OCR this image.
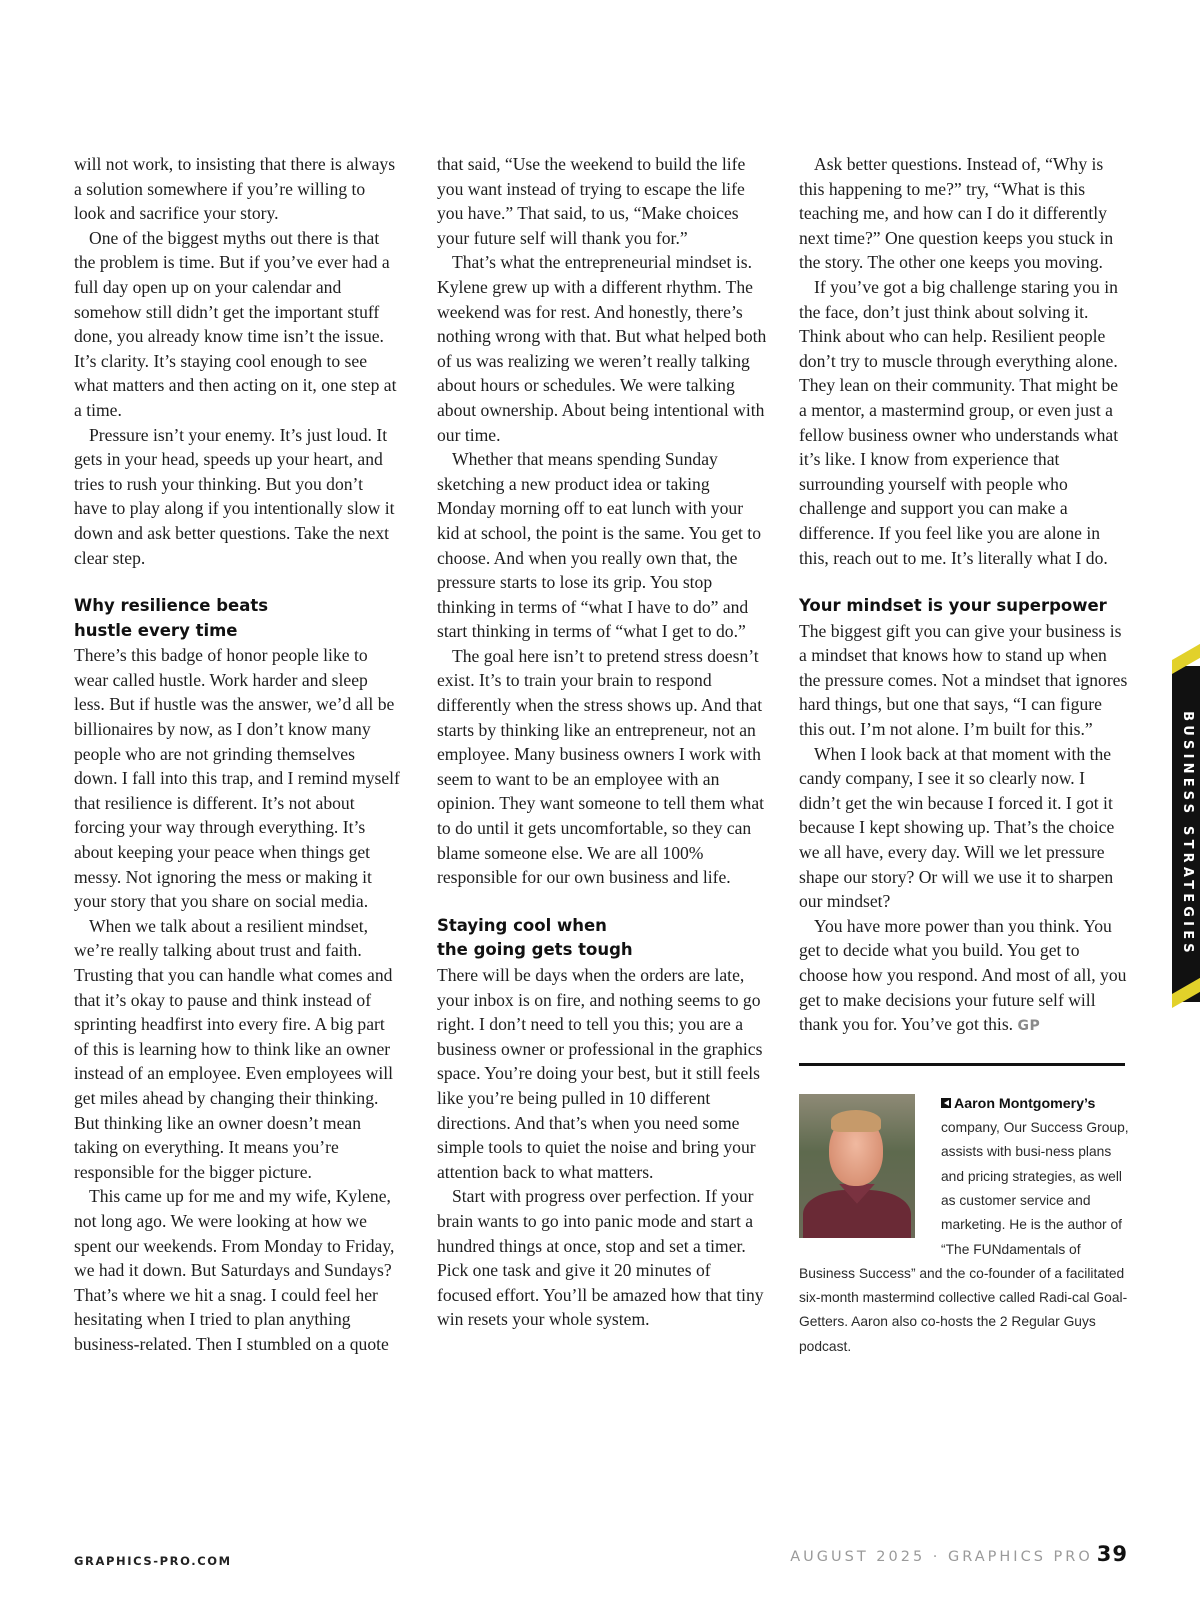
will not work, to insisting that there is always a solution somewhere if you’re willing to look and sacrifice your story.

One of the biggest myths out there is that the problem is time. But if you’ve ever had a full day open up on your calendar and somehow still didn’t get the important stuff done, you already know time isn’t the issue. It’s clarity. It’s staying cool enough to see what matters and then acting on it, one step at a time.

Pressure isn’t your enemy. It’s just loud. It gets in your head, speeds up your heart, and tries to rush your thinking. But you don’t have to play along if you intentionally slow it down and ask better questions. Take the next clear step.

Why resilience beats
hustle every time

There’s this badge of honor people like to wear called hustle. Work harder and sleep less. But if hustle was the answer, we’d all be billionaires by now, as I don’t know many people who are not grinding themselves down. I fall into this trap, and I remind myself that resilience is different. It’s not about forcing your way through everything. It’s about keeping your peace when things get messy. Not ignoring the mess or making it your story that you share on social media.

When we talk about a resilient mindset, we’re really talking about trust and faith. Trusting that you can handle what comes and that it’s okay to pause and think instead of sprinting headfirst into every fire. A big part of this is learning how to think like an owner instead of an employee. Even employees will get miles ahead by changing their thinking. But thinking like an owner doesn’t mean taking on everything. It means you’re responsible for the bigger picture.

This came up for me and my wife, Kylene, not long ago. We were looking at how we spent our weekends. From Monday to Friday, we had it down. But Saturdays and Sundays? That’s where we hit a snag. I could feel her hesitating when I tried to plan anything business-related. Then I stumbled on a quote

that said, “Use the weekend to build the life you want instead of trying to escape the life you have.” That said, to us, “Make choices your future self will thank you for.”

That’s what the entrepreneurial mindset is. Kylene grew up with a different rhythm. The weekend was for rest. And honestly, there’s nothing wrong with that. But what helped both of us was realizing we weren’t really talking about hours or schedules. We were talking about ownership. About being intentional with our time.

Whether that means spending Sunday sketching a new product idea or taking Monday morning off to eat lunch with your kid at school, the point is the same. You get to choose. And when you really own that, the pressure starts to lose its grip. You stop thinking in terms of “what I have to do” and start thinking in terms of “what I get to do.”

The goal here isn’t to pretend stress doesn’t exist. It’s to train your brain to respond differently when the stress shows up. And that starts by thinking like an entrepreneur, not an employee. Many business owners I work with seem to want to be an employee with an opinion. They want someone to tell them what to do until it gets uncomfortable, so they can blame someone else. We are all 100% responsible for our own business and life.

Staying cool when
the going gets tough

There will be days when the orders are late, your inbox is on fire, and nothing seems to go right. I don’t need to tell you this; you are a business owner or professional in the graphics space. You’re doing your best, but it still feels like you’re being pulled in 10 different directions. And that’s when you need some simple tools to quiet the noise and bring your attention back to what matters.

Start with progress over perfection. If your brain wants to go into panic mode and start a hundred things at once, stop and set a timer. Pick one task and give it 20 minutes of focused effort. You’ll be amazed how that tiny win resets your whole system.

Ask better questions. Instead of, “Why is this happening to me?” try, “What is this teaching me, and how can I do it differently next time?” One question keeps you stuck in the story. The other one keeps you moving.

If you’ve got a big challenge staring you in the face, don’t just think about solving it. Think about who can help. Resilient people don’t try to muscle through everything alone. They lean on their community. That might be a mentor, a mastermind group, or even just a fellow business owner who understands what it’s like. I know from experience that surrounding yourself with people who challenge and support you can make a difference. If you feel like you are alone in this, reach out to me. It’s literally what I do.

Your mindset is your superpower

The biggest gift you can give your business is a mindset that knows how to stand up when the pressure comes. Not a mindset that ignores hard things, but one that says, “I can figure this out. I’m not alone. I’m built for this.”

When I look back at that moment with the candy company, I see it so clearly now. I didn’t get the win because I forced it. I got it because I kept showing up. That’s the choice we all have, every day. Will we let pressure shape our story? Or will we use it to sharpen our mindset?

You have more power than you think. You get to decide what you build. You get to choose how you respond. And most of all, you get to make decisions your future self will thank you for. You’ve got this. GP

Aaron Montgomery’s company, Our Success Group, assists with busi-ness plans and pricing strategies, as well as customer service and marketing. He is the author of “The FUNdamentals of Business Success” and the co-founder of a facilitated six-month mastermind collective called Radi-cal Goal-Getters. Aaron also co-hosts the 2 Regular Guys podcast.
BUSINESS STRATEGIES
GRAPHICS-PRO.COM	AUGUST 2025 · GRAPHICS PRO 39
